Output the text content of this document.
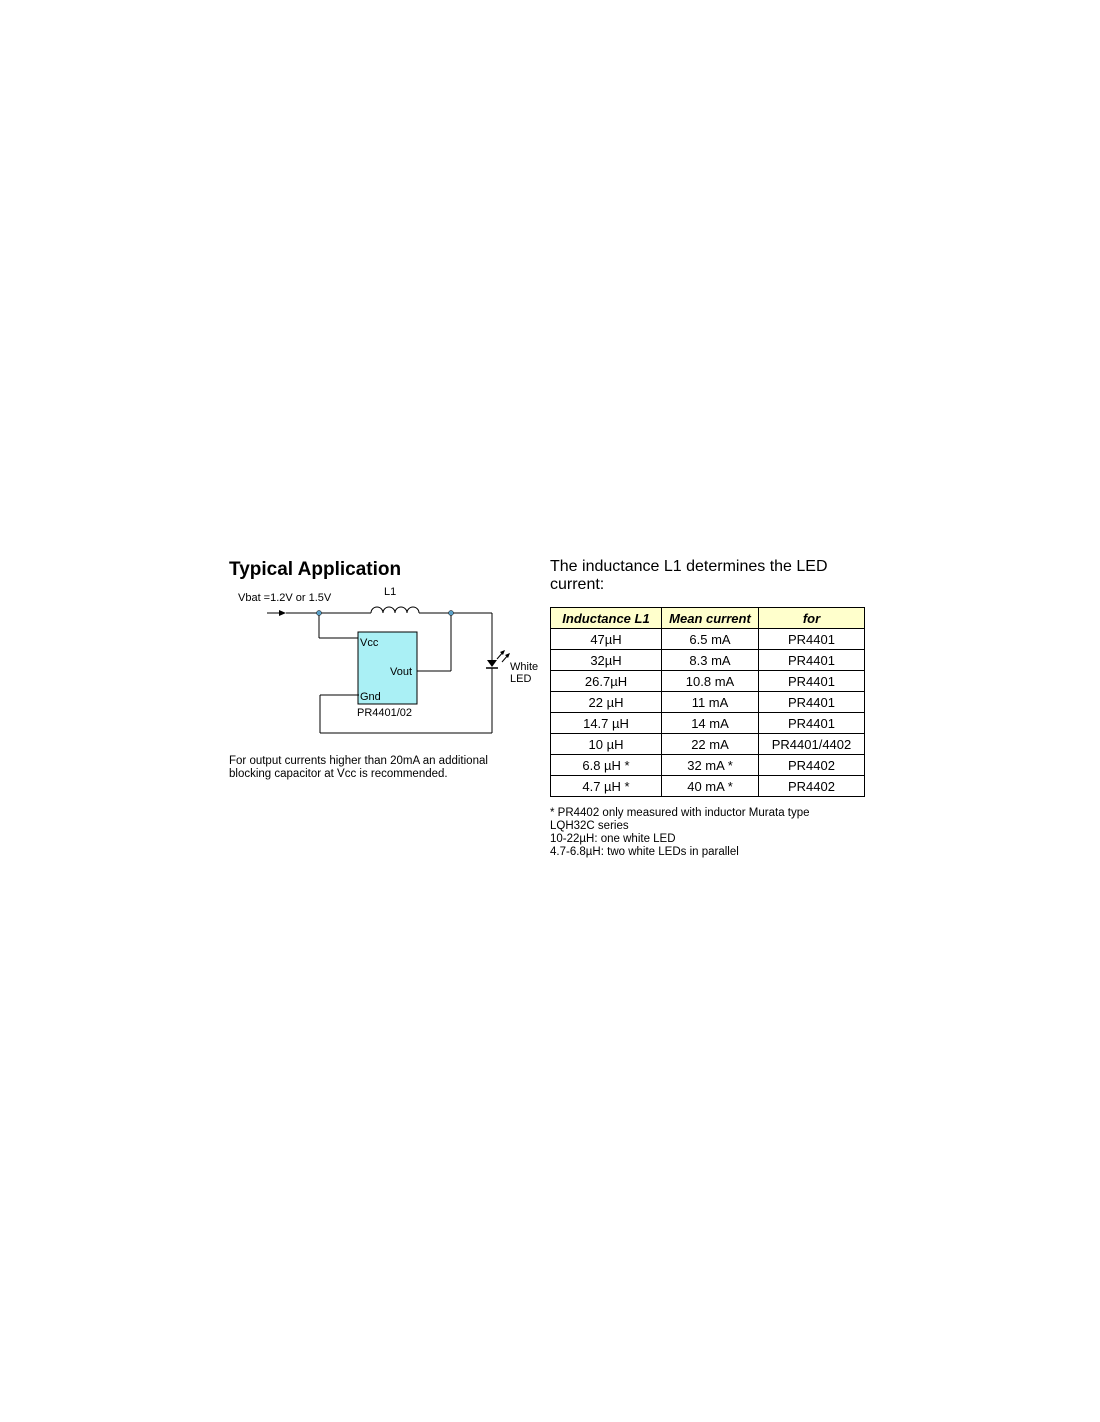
Typical Application
Vbat =1.2V or 1.5V	L1
Vcc
Vout
Gnd
PR4401/02
White
LED
For output currents higher than 20mA an additional blocking capacitor at Vcc is recommended.
The inductance L1 determines the LED current:
Inductance L1	Mean current	for
47µH	6.5 mA	PR4401
32µH	8.3 mA	PR4401
26.7µH	10.8 mA	PR4401
22 µH	11 mA	PR4401
14.7 µH	14 mA	PR4401
10 µH	22 mA	PR4401/4402
6.8 µH *	32 mA *	PR4402
4.7 µH *	40 mA *	PR4402
* PR4402 only measured with inductor Murata type LQH32C series
10-22µH: one white LED
4.7-6.8µH: two white LEDs in parallel
